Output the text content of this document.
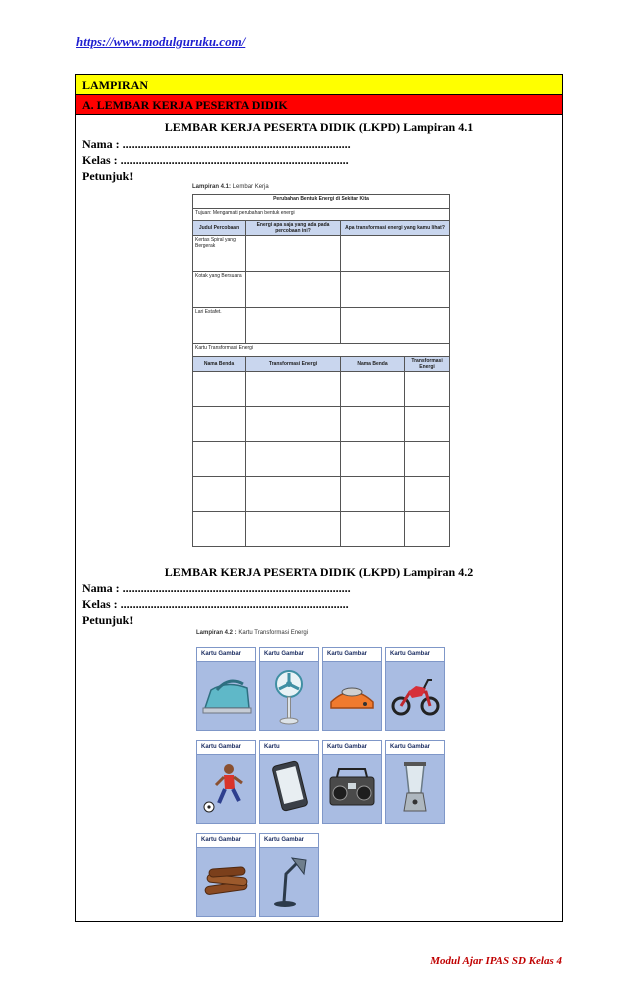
https://www.modulguruku.com/
LAMPIRAN
A. LEMBAR KERJA PESERTA DIDIK
LEMBAR KERJA PESERTA DIDIK (LKPD) Lampiran 4.1
Nama : ............................................................................
Kelas : ............................................................................
Petunjuk!
Lampiran 4.1: Lembar Kerja
Perubahan Bentuk Energi di Sekitar Kita			
Tujuan: Mengamati perubahan bentuk energi			
Judul Percobaan	Energi apa saja yang ada pada percobaan ini?	Apa transformasi energi yang kamu lihat?	
Kertas Spiral yang Bergerak			
Kotak yang Bersuara			
Lari Estafet.			
Kartu Transformasi Energi			
Nama Benda	Transformasi Energi	Nama Benda	Transformasi Energi

LEMBAR KERJA PESERTA DIDIK (LKPD) Lampiran 4.2
Nama : ............................................................................
Kelas : ............................................................................
Petunjuk!
Lampiran 4.2 : Kartu Transformasi Energi
Kartu Gambar	Kartu Gambar	Kartu Gambar	Kartu Gambar
Kartu Gambar	Kartu	Kartu Gambar	Kartu Gambar
Kartu Gambar	Kartu Gambar
Modul Ajar IPAS SD Kelas 4
